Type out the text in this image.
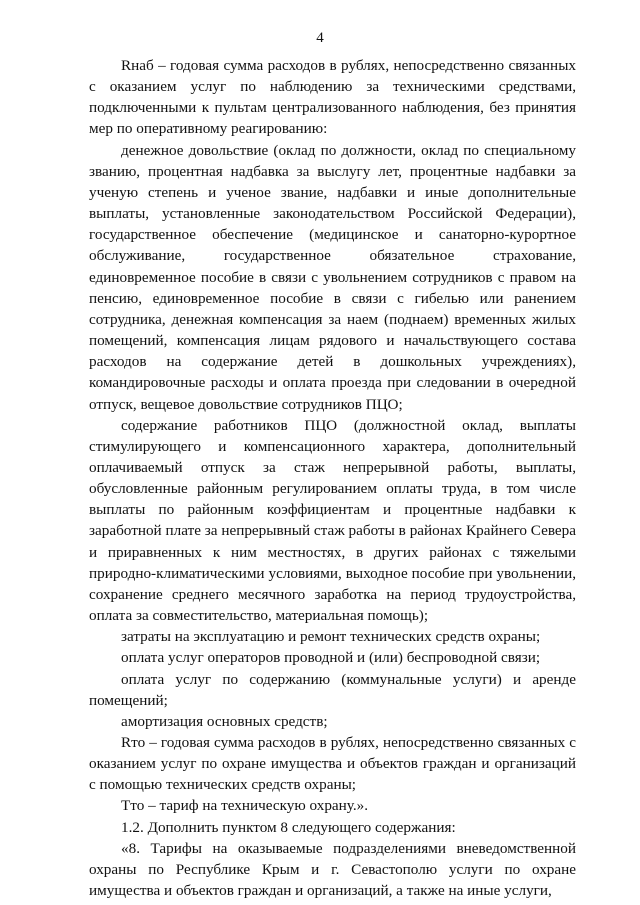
4

Rнаб – годовая сумма расходов в рублях, непосредственно связанных с оказанием услуг по наблюдению за техническими средствами, подключенными к пультам централизованного наблюдения, без принятия мер по оперативному реагированию:

денежное довольствие (оклад по должности, оклад по специальному званию, процентная надбавка за выслугу лет, процентные надбавки за ученую степень и ученое звание, надбавки и иные дополнительные выплаты, установленные законодательством Российской Федерации), государственное обеспечение (медицинское и санаторно-курортное обслуживание, государственное обязательное страхование, единовременное пособие в связи с увольнением сотрудников с правом на пенсию, единовременное пособие в связи с гибелью или ранением сотрудника, денежная компенсация за наем (поднаем) временных жилых помещений, компенсация лицам рядового и начальствующего состава расходов на содержание детей в дошкольных учреждениях), командировочные расходы и оплата проезда при следовании в очередной отпуск, вещевое довольствие сотрудников ПЦО;

содержание работников ПЦО (должностной оклад, выплаты стимулирующего и компенсационного характера, дополнительный оплачиваемый отпуск за стаж непрерывной работы, выплаты, обусловленные районным регулированием оплаты труда, в том числе выплаты по районным коэффициентам и процентные надбавки к заработной плате за непрерывный стаж работы в районах Крайнего Севера и приравненных к ним местностях, в других районах с тяжелыми природно-климатическими условиями, выходное пособие при увольнении, сохранение среднего месячного заработка на период трудоустройства, оплата за совместительство, материальная помощь);

затраты на эксплуатацию и ремонт технических средств охраны;

оплата услуг операторов проводной и (или) беспроводной связи;

оплата услуг по содержанию (коммунальные услуги) и аренде помещений;

амортизация основных средств;

Rто – годовая сумма расходов в рублях, непосредственно связанных с оказанием услуг по охране имущества и объектов граждан и организаций с помощью технических средств охраны;

Тто – тариф на техническую охрану.».

1.2. Дополнить пунктом 8 следующего содержания:

«8. Тарифы на оказываемые подразделениями вневедомственной охраны по Республике Крым и г. Севастополю услуги по охране имущества и объектов граждан и организаций, а также на иные услуги,
